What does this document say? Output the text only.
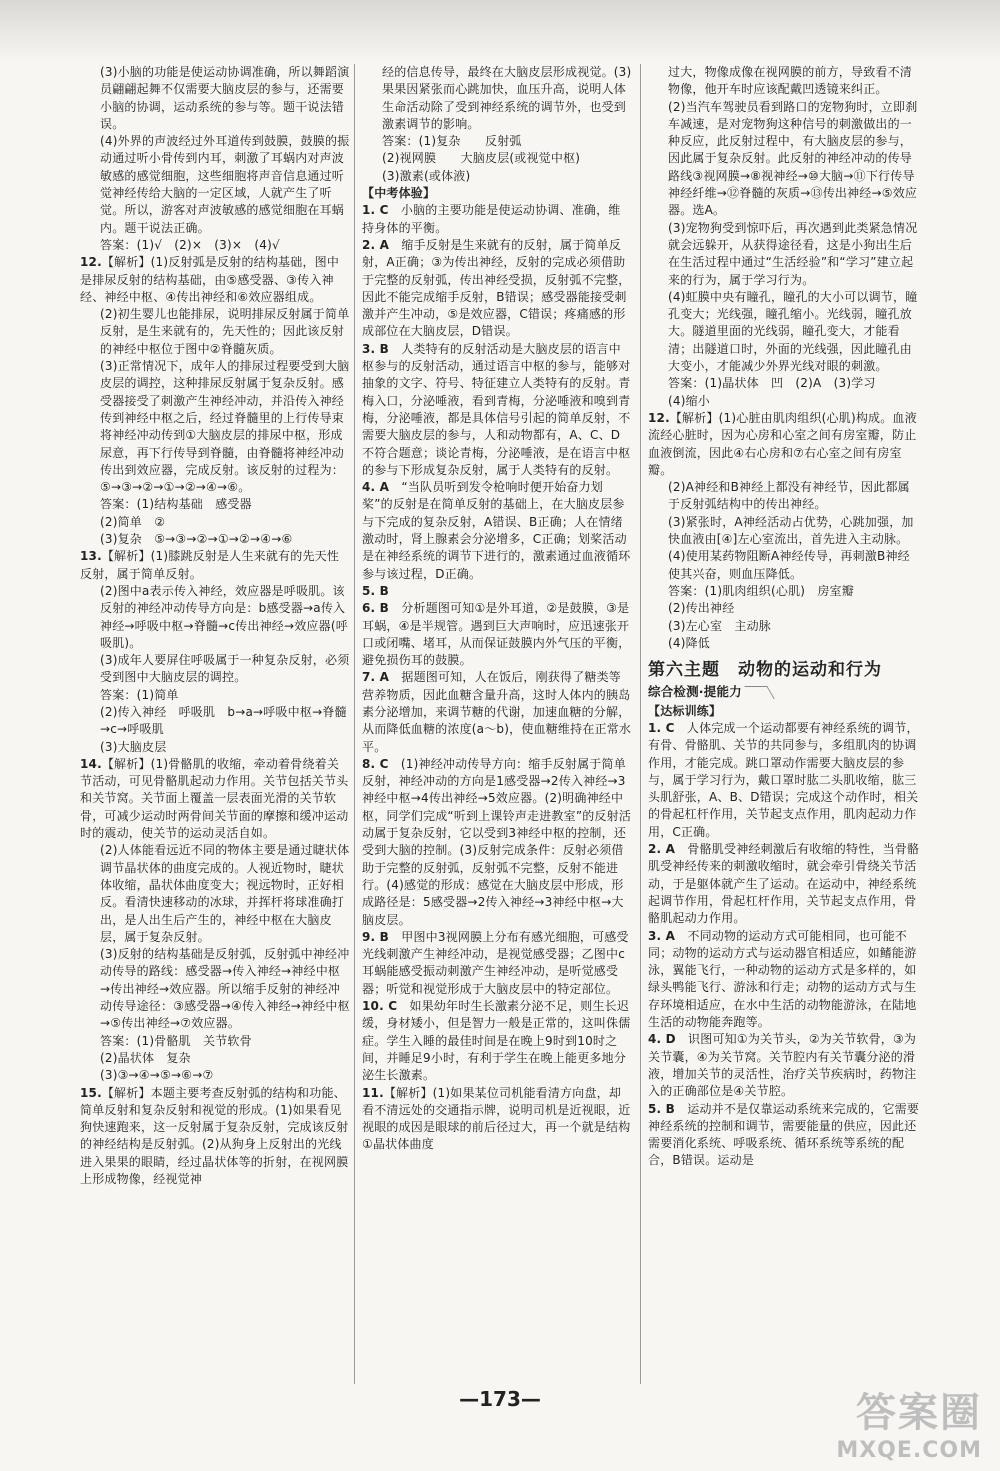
(3)小脑的功能是使运动协调准确，所以舞蹈演员翩翩起舞不仅需要大脑皮层的参与，还需要小脑的协调，运动系统的参与等。题干说法错误。
(4)外界的声波经过外耳道传到鼓膜，鼓膜的振动通过听小骨传到内耳，刺激了耳蜗内对声波敏感的感觉细胞，这些细胞将声音信息通过听觉神经传给大脑的一定区域，人就产生了听觉。所以，游客对声波敏感的感觉细胞在耳蜗内。题干说法正确。
答案：(1)√　(2)×　(3)×　(4)√
12.【解析】(1)反射弧是反射的结构基础，图中是排尿反射的结构基础，由⑤感受器、③传入神经、神经中枢、④传出神经和⑥效应器组成。
(2)初生婴儿也能排尿，说明排尿反射属于简单反射，是生来就有的，先天性的；因此该反射的神经中枢位于图中②脊髓灰质。
(3)正常情况下，成年人的排尿过程要受到大脑皮层的调控，这种排尿反射属于复杂反射。感受器接受了刺激产生神经冲动，并沿传入神经传到神经中枢之后，经过脊髓里的上行传导束将神经冲动传到①大脑皮层的排尿中枢，形成尿意，再下行传导到脊髓，由脊髓将神经冲动传出到效应器，完成反射。该反射的过程为：⑤→③→②→①→②→④→⑥。
答案：(1)结构基础　感受器
(2)简单　②
(3)复杂　⑤→③→②→①→②→④→⑥
13.【解析】(1)膝跳反射是人生来就有的先天性反射，属于简单反射。
(2)图中a表示传入神经，效应器是呼吸肌。该反射的神经冲动传导方向是：b感受器→a传入神经→呼吸中枢→脊髓→c传出神经→效应器(呼吸肌)。
(3)成年人要屏住呼吸属于一种复杂反射，必须受到图中大脑皮层的调控。
答案：(1)简单
(2)传入神经　呼吸肌　b→a→呼吸中枢→脊髓→c→呼吸肌
(3)大脑皮层
14.【解析】(1)骨骼肌的收缩，牵动着骨绕着关节活动，可见骨骼肌起动力作用。关节包括关节头和关节窝。关节面上覆盖一层表面光滑的关节软骨，可减少运动时两骨间关节面的摩擦和缓冲运动时的震动，使关节的运动灵活自如。
(2)人体能看远近不同的物体主要是通过睫状体调节晶状体的曲度完成的。人视近物时，睫状体收缩，晶状体曲度变大；视远物时，正好相反。看清快速移动的冰球，并挥杆将球准确打出，是人出生后产生的，神经中枢在大脑皮层，属于复杂反射。
(3)反射的结构基础是反射弧，反射弧中神经冲动传导的路线：感受器→传入神经→神经中枢→传出神经→效应器。所以缩手反射的神经冲动传导途径：③感受器→④传入神经→神经中枢→⑤传出神经→⑦效应器。
答案：(1)骨骼肌　关节软骨
(2)晶状体　复杂
(3)③→④→⑤→⑥→⑦
15.【解析】本题主要考查反射弧的结构和功能、简单反射和复杂反射和视觉的形成。(1)如果看见狗快速跑来，这一反射属于复杂反射，完成该反射的神经结构是反射弧。(2)从狗身上反射出的光线进入果果的眼睛，经过晶状体等的折射，在视网膜上形成物像，经视觉神
经的信息传导，最终在大脑皮层形成视觉。(3)果果因紧张而心跳加快，血压升高，说明人体生命活动除了受到神经系统的调节外，也受到激素调节的影响。
答案：(1)复杂　　反射弧
(2)视网膜　　大脑皮层(或视觉中枢)
(3)激素(或体液)
【中考体验】
1. C　小脑的主要功能是使运动协调、准确，维持身体的平衡。
2. A　缩手反射是生来就有的反射，属于简单反射，A正确；③为传出神经，反射的完成必须借助于完整的反射弧，传出神经受损，反射弧不完整，因此不能完成缩手反射，B错误；感受器能接受刺激并产生冲动，⑤是效应器，C错误；疼痛感的形成部位在大脑皮层，D错误。
3. B　人类特有的反射活动是大脑皮层的语言中枢参与的反射活动，通过语言中枢的参与，能够对抽象的文字、符号、特征建立人类特有的反射。青梅入口，分泌唾液，看到青梅，分泌唾液和嗅到青梅，分泌唾液，都是具体信号引起的简单反射，不需要大脑皮层的参与，人和动物都有，A、C、D不符合题意；谈论青梅，分泌唾液，是在语言中枢的参与下形成复杂反射，属于人类特有的反射。
4. A　“当队员听到发令枪响时便开始奋力划桨”的反射是在简单反射的基础上，在大脑皮层参与下完成的复杂反射，A错误、B正确；人在情绪激动时，肾上腺素会分泌增多，C正确；划桨活动是在神经系统的调节下进行的，激素通过血液循环参与该过程，D正确。
5. B
6. B　分析题图可知①是外耳道，②是鼓膜，③是耳蜗，④是半规管。遇到巨大声响时，应迅速张开口或闭嘴、堵耳，从而保证鼓膜内外气压的平衡，避免损伤耳的鼓膜。
7. A　据题图可知，人在饭后，刚获得了糖类等营养物质，因此血糖含量升高，这时人体内的胰岛素分泌增加，来调节糖的代谢，加速血糖的分解，从而降低血糖的浓度(a～b)，使血糖维持在正常水平。
8. C　(1)神经冲动传导方向：缩手反射属于简单反射，神经冲动的方向是1感受器→2传入神经→3神经中枢→4传出神经→5效应器。(2)明确神经中枢，同学们完成“听到上课铃声走进教室”的反射活动属于复杂反射，它以受到3神经中枢的控制，还受到大脑的控制。(3)反射完成条件：反射必须借助于完整的反射弧，反射弧不完整，反射不能进行。(4)感觉的形成：感觉在大脑皮层中形成，形成路径是：5感受器→2传入神经→3神经中枢→大脑皮层。
9. B　甲图中3视网膜上分布有感光细胞，可感受光线刺激产生神经冲动，是视觉感受器；乙图中c耳蜗能感受振动刺激产生神经冲动，是听觉感受器；听觉和视觉形成于大脑皮层中的特定部位。
10. C　如果幼年时生长激素分泌不足，则生长迟缓，身材矮小，但是智力一般是正常的，这叫侏儒症。学生入睡的最佳时间是在晚上9时到10时之间，并睡足9小时，有利于学生在晚上能更多地分泌生长激素。
11.【解析】(1)如果某位司机能看清方向盘，却看不清远处的交通指示牌，说明司机是近视眼，近视眼的成因是眼球的前后径过大，再一个就是结构①晶状体曲度
过大，物像成像在视网膜的前方，导致看不清物像，他开车时应该配戴凹透镜来纠正。
(2)当汽车驾驶员看到路口的宠物狗时，立即刹车减速，是对宠物狗这种信号的刺激做出的一种反应，此反射过程中，有大脑皮层的参与，因此属于复杂反射。此反射的神经冲动的传导路线③视网膜→⑧视神经→⑩大脑→⑪下行传导神经纤维→⑫脊髓的灰质→⑬传出神经→⑤效应器。选A。
(3)宠物狗受到惊吓后，再次遇到此类紧急情况就会远躲开，从获得途径看，这是小狗出生后在生活过程中通过“生活经验”和“学习”建立起来的行为，属于学习行为。
(4)虹膜中央有瞳孔，瞳孔的大小可以调节，瞳孔变大；光线强，瞳孔缩小。光线弱，瞳孔放大。隧道里面的光线弱，瞳孔变大，才能看清；出隧道口时，外面的光线强，因此瞳孔由大变小，才能减少外界光线对眼的刺激。
答案：(1)晶状体　凹　(2)A　(3)学习
(4)缩小
12.【解析】(1)心脏由肌肉组织(心肌)构成。血液流经心脏时，因为心房和心室之间有房室瓣，防止血液倒流，因此④右心房和⑦右心室之间有房室瓣。
(2)A神经和B神经上都没有神经节，因此都属于反射弧结构中的传出神经。
(3)紧张时，A神经活动占优势，心跳加强，加快血液由[④]左心室流出，首先进入主动脉。
(4)使用某药物阻断A神经传导，再刺激B神经使其兴奋，则血压降低。
答案：(1)肌肉组织(心肌)　房室瓣
(2)传出神经
(3)左心室　主动脉
(4)降低
第六主题　动物的运动和行为
综合检测·提能力
【达标训练】
1. C　人体完成一个运动都要有神经系统的调节，有骨、骨骼肌、关节的共同参与，多组肌肉的协调作用，才能完成。跳口罩动作需要大脑皮层的参与，属于学习行为，戴口罩时肱二头肌收缩，肱三头肌舒张，A、B、D错误；完成这个动作时，相关的骨起杠杆作用，关节起支点作用，肌肉起动力作用，C正确。
2. A　骨骼肌受神经刺激后有收缩的特性，当骨骼肌受神经传来的刺激收缩时，就会牵引骨绕关节活动，于是躯体就产生了运动。在运动中，神经系统起调节作用，骨起杠杆作用，关节起支点作用，骨骼肌起动力作用。
3. A　不同动物的运动方式可能相同，也可能不同；动物的运动方式与运动器官相适应，如鳍能游泳，翼能飞行，一种动物的运动方式是多样的，如绿头鸭能飞行、游泳和行走；动物的运动方式与生存环境相适应，在水中生活的动物能游泳，在陆地生活的动物能奔跑等。
4. D　识图可知①为关节头，②为关节软骨，③为关节囊，④为关节窝。关节腔内有关节囊分泌的滑液，增加关节的灵活性，治疗关节疾病时，药物注入的正确部位是④关节腔。
5. B　运动并不是仅靠运动系统来完成的，它需要神经系统的控制和调节，需要能量的供应，因此还需要消化系统、呼吸系统、循环系统等系统的配合，B错误。运动是
—173—	答案圈
MXQE.COM
